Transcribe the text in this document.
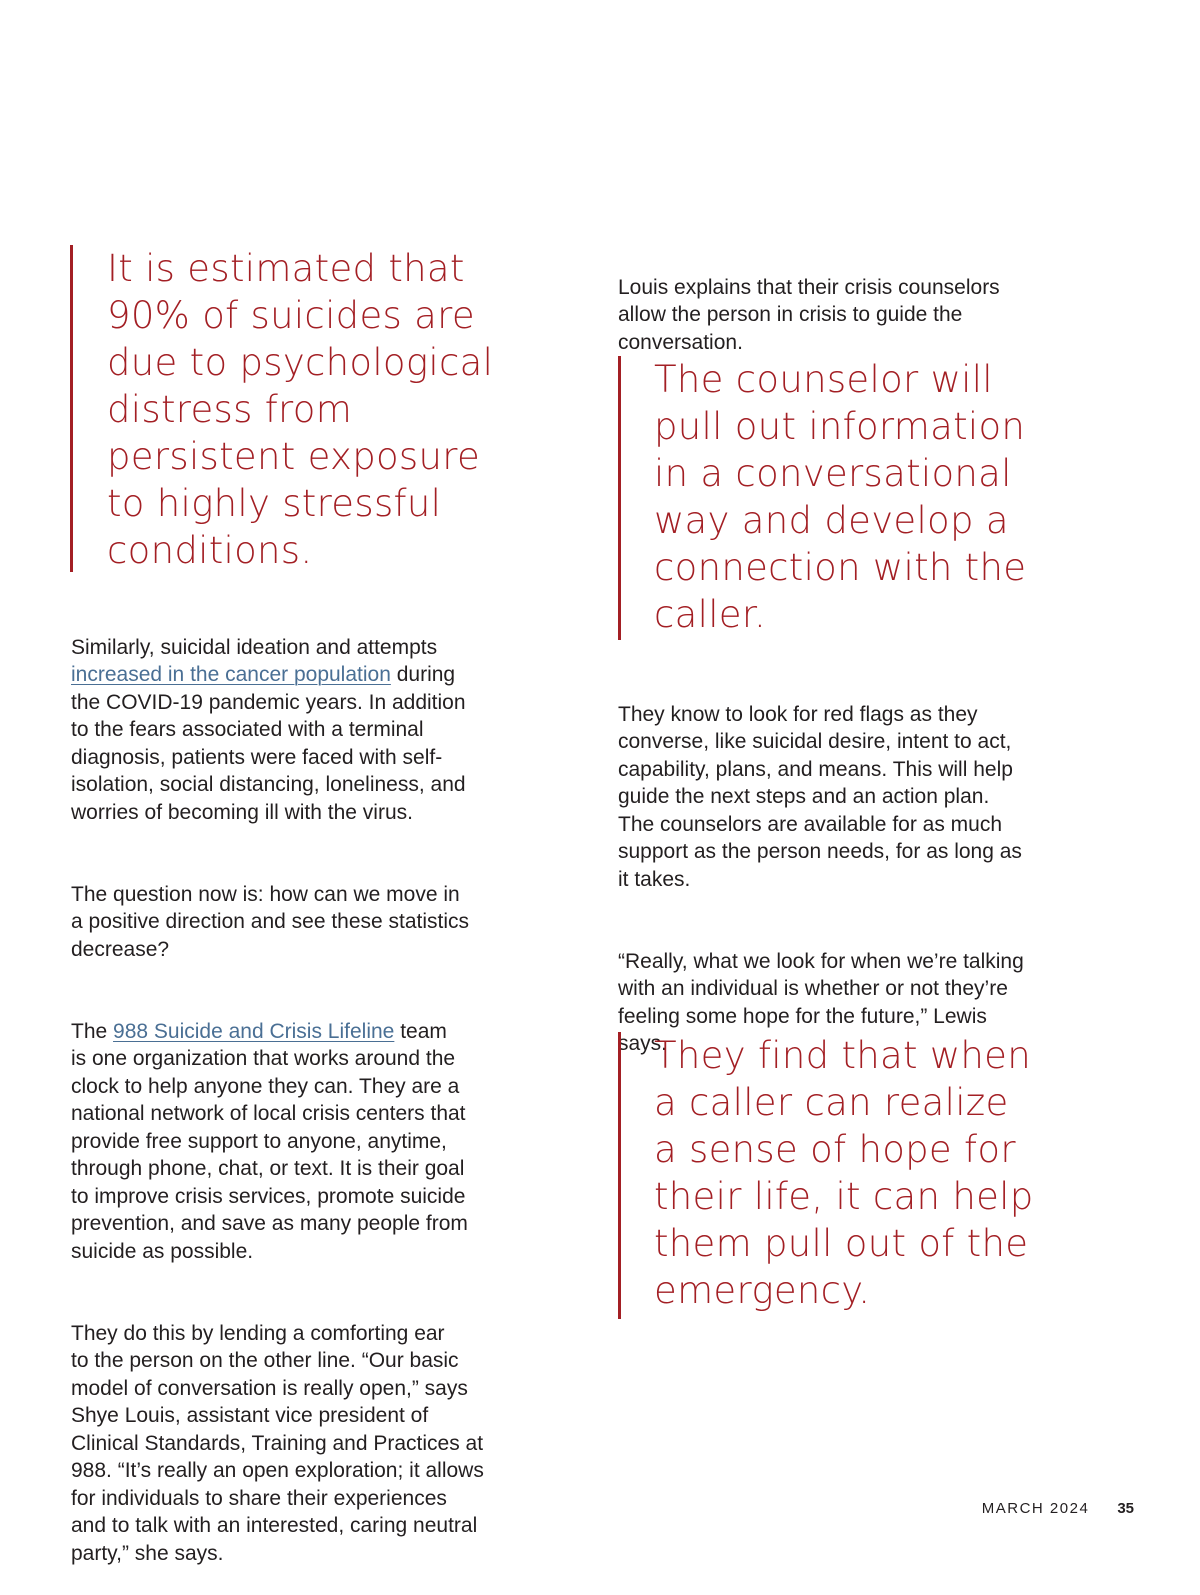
It is estimated that
90% of suicides are
due to psychological
distress from
persistent exposure
to highly stressful
conditions.

Similarly, suicidal ideation and attempts
increased in the cancer population during
the COVID-19 pandemic years. In addition
to the fears associated with a terminal
diagnosis, patients were faced with self-
isolation, social distancing, loneliness, and
worries of becoming ill with the virus.

The question now is: how can we move in
a positive direction and see these statistics
decrease?

The 988 Suicide and Crisis Lifeline team
is one organization that works around the
clock to help anyone they can. They are a
national network of local crisis centers that
provide free support to anyone, anytime,
through phone, chat, or text. It is their goal
to improve crisis services, promote suicide
prevention, and save as many people from
suicide as possible.

They do this by lending a comforting ear
to the person on the other line. “Our basic
model of conversation is really open,” says
Shye Louis, assistant vice president of
Clinical Standards, Training and Practices at
988. “It’s really an open exploration; it allows
for individuals to share their experiences
and to talk with an interested, caring neutral
party,” she says.

Louis explains that their crisis counselors
allow the person in crisis to guide the
conversation.

The counselor will
pull out information
in a conversational
way and develop a
connection with the
caller.

They know to look for red flags as they
converse, like suicidal desire, intent to act,
capability, plans, and means. This will help
guide the next steps and an action plan.
The counselors are available for as much
support as the person needs, for as long as
it takes.

“Really, what we look for when we’re talking
with an individual is whether or not they’re
feeling some hope for the future,” Lewis
says.

They find that when
a caller can realize
a sense of hope for
their life, it can help
them pull out of the
emergency.
MARCH 2024 35
